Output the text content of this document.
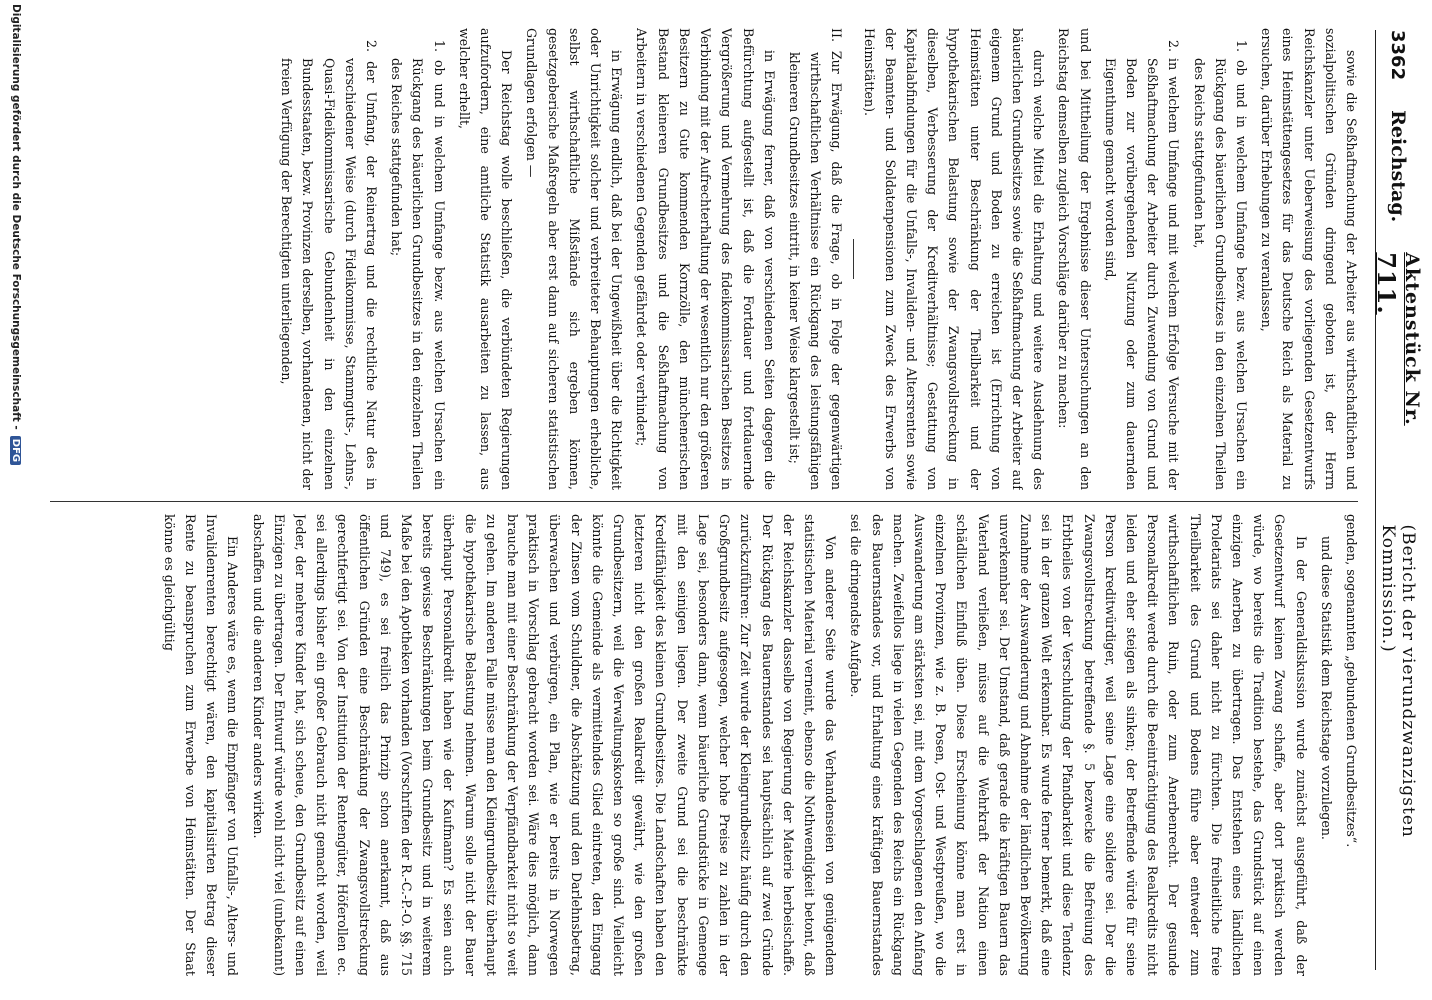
3362
Reichstag.
Aktenstück Nr. 711.
(Bericht der vierundzwanzigsten Kommission.)

sowie die Seßhaftmachung der Arbeiter aus wirthschaftlichen und sozialpolitischen Gründen dringend geboten ist, der Herrn Reichskanzler unter Ueberweisung des vorliegenden Gesetzentwurfs eines Heimstättengesetzes für das Deutsche Reich als Material zu ersuchen, darüber Erhebungen zu veranlassen,

1. ob und in welchem Umfange bezw. aus welchen Ursachen ein Rückgang des bäuerlichen Grundbesitzes in den einzelnen Theilen des Reichs stattgefunden hat,

2. in welchem Umfange und mit welchem Erfolge Versuche mit der Seßhaftmachung der Arbeiter durch Zuwendung von Grund und Boden zur vorübergehenden Nutzung oder zum dauernden Eigenthume gemacht worden sind,

und bei Mittheilung der Ergebnisse dieser Untersuchungen an den Reichstag demselben zugleich Vorschläge darüber zu machen:

durch welche Mittel die Erhaltung und weitere Ausdehnung des bäuerlichen Grundbesitzes sowie die Seßhaftmachung der Arbeiter auf eigenem Grund und Boden zu erreichen ist (Errichtung von Heimstätten unter Beschränkung der Theilbarkeit und der hypothekarischen Belastung sowie der Zwangsvollstreckung in dieselben, Verbesserung der Kreditverhältnisse; Gestattung von Kapitalabfindungen für die Unfalls-, Invaliden- und Altersrenten sowie der Beamten- und Soldatenpensionen zum Zweck des Erwerbs von Heimstätten).

II. Zur Erwägung, daß die Frage, ob in Folge der gegenwärtigen wirthschaftlichen Verhältnisse ein Rückgang des leistungsfähigen kleineren Grundbesitzes eintritt, in keiner Weise klargestellt ist;

in Erwägung ferner, daß von verschiedenen Seiten dagegen die Befürchtung aufgestellt ist, daß die Fortdauer und fortdauernde Vergrößerung und Vermehrung des fideikommissarischen Besitzes in Verbindung mit der Aufrechterhaltung der wesentlich nur den größeren Besitzern zu Gute kommenden Kornzölle, den münchenerischen Bestand kleineren Grundbesitzes und die Seßhaftmachung von Arbeitern in verschiedenen Gegenden gefährdet oder verhindert;

in Erwägung endlich, daß bei der Ungewißheit über die Richtigkeit oder Unrichtigkeit solcher und verbreiteter Behauptungen erhebliche, selbst wirthschaftliche Mißstände sich ergeben können, gesetzgeberische Maßregeln aber erst dann auf sicheren statistischen Grundlagen erfolgen —

Der Reichstag wolle beschließen, die verbündeten Regierungen aufzufordern, eine amtliche Statistik ausarbeiten zu lassen, aus welcher erhellt,

1. ob und in welchem Umfange bezw. aus welchen Ursachen ein Rückgang des bäuerlichen Grundbesitzes in den einzelnen Theilen des Reiches stattgefunden hat;

2. der Umfang, der Reinertrag und die rechtliche Natur des in verschiedener Weise (durch Fideikommisse, Stammguts-, Lehns-, Quasi-Fideikommissarische Gebundenheit in den einzelnen Bundesstaaten, bezw. Provinzen derselben, vorhandenen, nicht der freien Verfügung der Berechtigten unterliegenden,

genden, sogenannten „gebundenen Grundbesitzes“.

und diese Statistik dem Reichstage vorzulegen.

In der Generaldiskussion wurde zunächst ausgeführt, daß der Gesetzentwurf keinen Zwang schaffe, aber dort praktisch werden würde, wo bereits die Tradition bestehe, das Grundstück auf einen einzigen Anerben zu übertragen. Das Entstehen eines ländlichen Proletariats sei daher nicht zu fürchten. Die freiheitliche freie Theilbarkeit des Grund und Bodens führe aber entweder zum wirthschaftlichen Ruin, oder zum Anerbenrecht. Der gesunde Personalkredit werde durch die Beeinträchtigung des Realkredits nicht leiden und eher steigen als sinken; der Betreffende würde für seine Person kreditwürdiger, weil seine Lage eine solidere sei. Der die Zwangsvollstreckung betreffende §. 5 bezwecke die Befreiung des Erbtheiles von der Verschuldung der Pfandbarkeit und diese Tendenz sei in der ganzen Welt erkennbar. Es wurde ferner bemerkt, daß eine Zunahme der Auswanderung und Abnahme der ländlichen Bevölkerung unverkennbar sei. Der Umstand, daß gerade die kräftigen Bauern das Vaterland verließen, müsse auf die Wehrkraft der Nation einen schädlichen Einfluß üben. Diese Erscheinung könne man erst in einzelnen Provinzen, wie z. B. Posen, Ost- und Westpreußen, wo die Auswanderung am stärksten sei, mit dem Vorgeschlagenen den Anfang machen. Zweifellos liege in vielen Gegenden des Reichs ein Rückgang des Bauernstandes vor, und Erhaltung eines kräftigen Bauernstandes sei die dringendste Aufgabe.

Von anderer Seite wurde das Verhandenseien von genügendem statistischen Material verneint, ebenso die Nothwendigkeit betont, daß der Reichskanzler dasselbe von Regierung der Materie herbeischaffe. Der Rückgang des Bauernstandes sei hauptsächlich auf zwei Gründe zurückzuführen: Zur Zeit wurde der Kleingrundbesitz häufig durch den Großgrundbesitz aufgesogen, welcher hohe Preise zu zahlen in der Lage sei, besonders dann, wenn bäuerliche Grundstücke in Gemenge mit den seinigen liegen. Der zweite Grund sei die beschränkte Kreditfähigkeit des kleinen Grundbesitzes. Die Landschaften haben den letzteren nicht den großen Realkredit gewährt, wie den großen Grundbesitzern, weil die Verwaltungskosten so große sind. Vielleicht könnte die Gemeinde als vermittelndes Glied eintreten, den Eingang der Zinsen vom Schuldner, die Abschätzung und den Darlehnsbetrag, überwachen und verbürgen, ein Plan, wie er bereits in Norwegen praktisch in Vorschlag gebracht worden sei. Wäre dies möglich, dann brauche man mit einer Beschränkung der Verpfändbarkeit nicht so weit zu gehen. Im anderen Falle müsse man den Kleingrundbesitz überhaupt die hypothekarische Belastung nehmen. Warum solle nicht der Bauer überhaupt Personalkredit haben wie der Kaufmann? Es seien auch bereits gewisse Beschränkungen beim Grundbesitz und in weiterem Maße bei den Apotheken vorhanden (Vorschriften der R.-C.-P.-O. §§. 715 und 749), es sei freilich das Prinzip schon anerkannt, daß aus öffentlichen Gründen eine Beschränkung der Zwangsvollstreckung gerechtfertigt sei. Von der Institution der Rentengüter, Höferollen ec. sei allerdings bisher ein großer Gebrauch nicht gemacht worden, weil Jeder, der mehrere Kinder hat, sich scheue, den Grundbesitz auf einen Einzigen zu übertragen. Der Entwurf würde wohl nicht viel (unbekannt) abschaffen und die anderen Kinder anders wirken.

Ein Anderes wäre es, wenn die Empfänger von Unfalls-, Alters- und Invalidenrenten berechtigt wären, den kapitalisirten Betrag dieser Rente zu beanspruchen zum Erwerbe von Heimstätten. Der Staat könne es gleichgültig

Digitalisierung gefördert durch die Deutsche Forschungsgemeinschaft -
DFG
